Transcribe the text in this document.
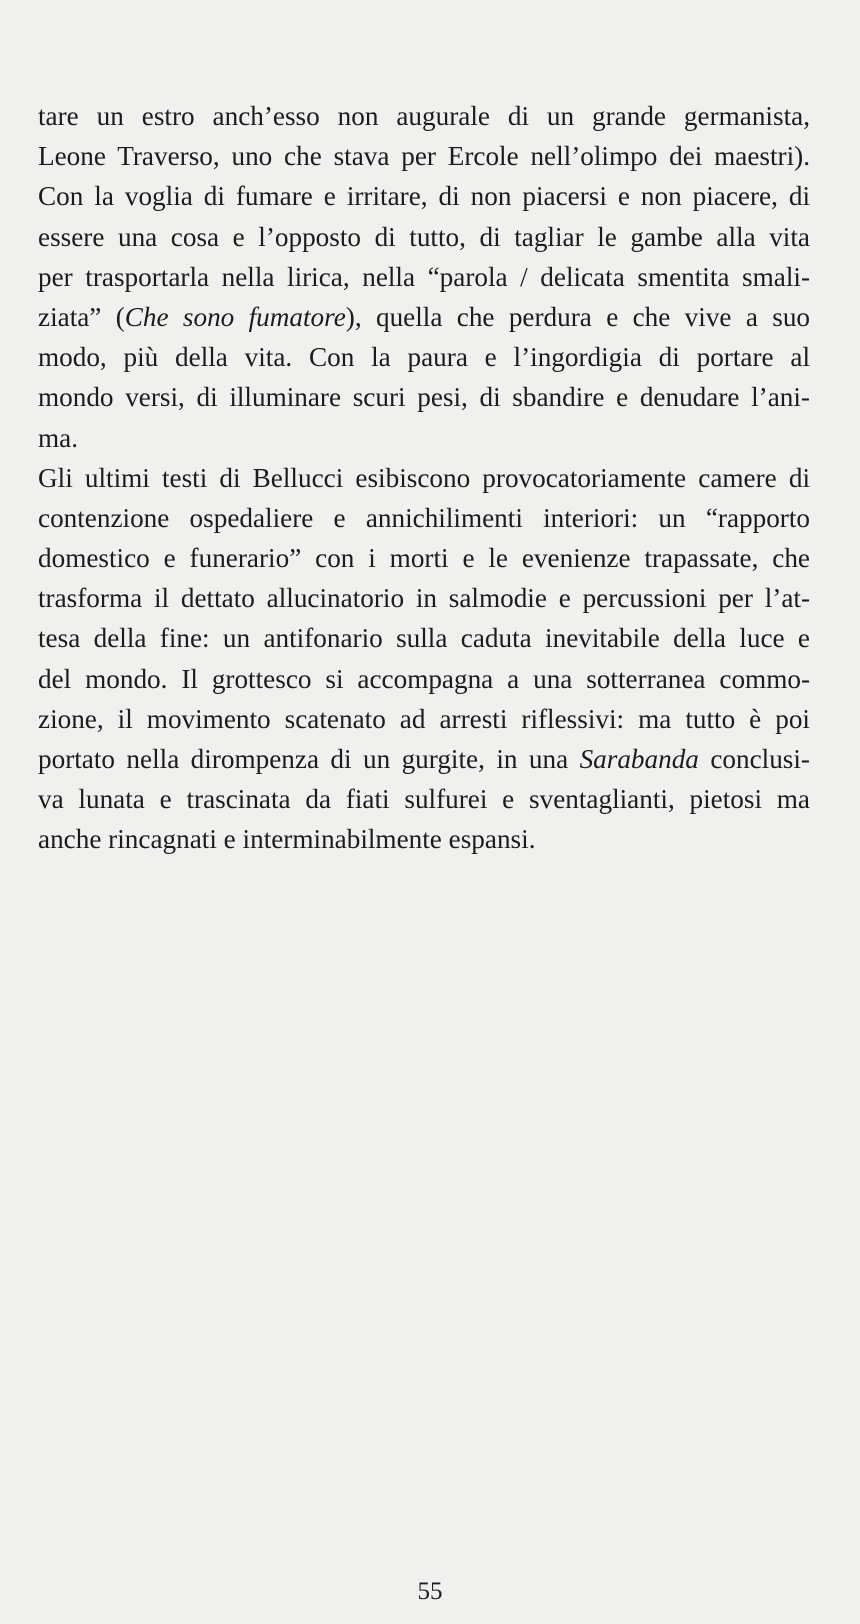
tare un estro anch’esso non augurale di un grande germanista,
Leone Traverso, uno che stava per Ercole nell’olimpo dei maestri).
Con la voglia di fumare e irritare, di non piacersi e non piacere, di
essere una cosa e l’opposto di tutto, di tagliar le gambe alla vita
per trasportarla nella lirica, nella “parola / delicata smentita smali-
ziata” (Che sono fumatore), quella che perdura e che vive a suo
modo, più della vita. Con la paura e l’ingordigia di portare al
mondo versi, di illuminare scuri pesi, di sbandire e denudare l’ani-
ma.
Gli ultimi testi di Bellucci esibiscono provocatoriamente camere di
contenzione ospedaliere e annichilimenti interiori: un “rapporto
domestico e funerario” con i morti e le evenienze trapassate, che
trasforma il dettato allucinatorio in salmodie e percussioni per l’at-
tesa della fine: un antifonario sulla caduta inevitabile della luce e
del mondo. Il grottesco si accompagna a una sotterranea commo-
zione, il movimento scatenato ad arresti riflessivi: ma tutto è poi
portato nella dirompenza di un gurgite, in una Sarabanda conclusi-
va lunata e trascinata da fiati sulfurei e sventaglianti, pietosi ma
anche rincagnati e interminabilmente espansi.
55
